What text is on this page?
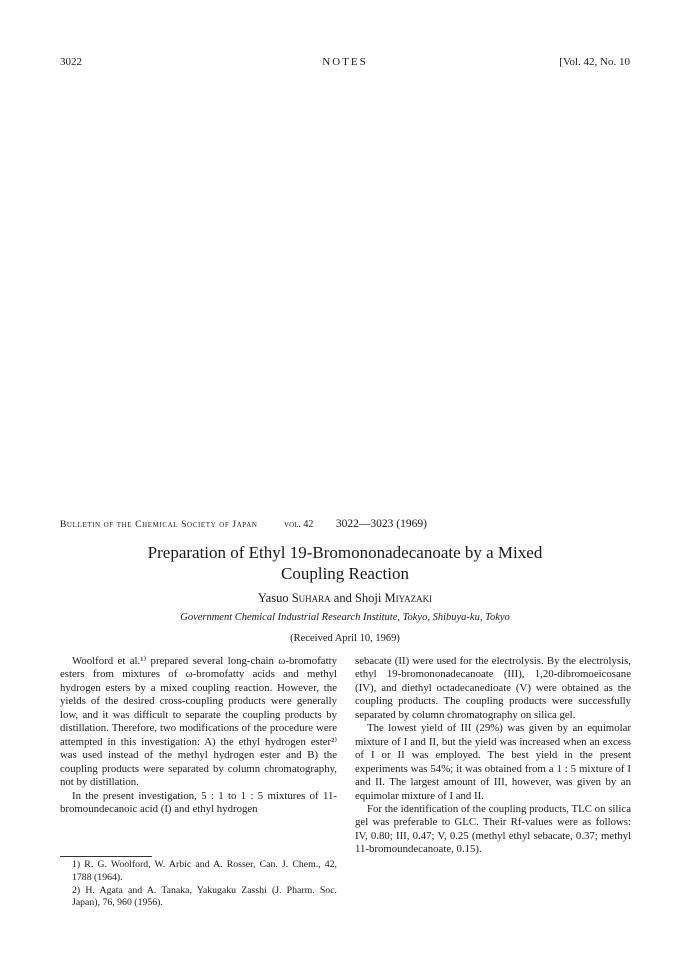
3022	NOTES	[Vol. 42, No. 10
Bulletin of the Chemical Society of Japan	vol. 42 3022—3023 (1969)
Preparation of Ethyl 19-Bromononadecanoate by a Mixed
Coupling Reaction
Yasuo Suhara and Shoji Miyazaki
Government Chemical Industrial Research Institute, Tokyo, Shibuya-ku, Tokyo
(Received April 10, 1969)

Woolford et al.¹⁾ prepared several long-chain ω-bromofatty esters from mixtures of ω-bromofatty acids and methyl hydrogen esters by a mixed coupling reaction. However, the yields of the desired cross-coupling products were generally low, and it was difficult to separate the coupling products by distillation. Therefore, two modifications of the procedure were attempted in this investigation: A) the ethyl hydrogen ester²⁾ was used instead of the methyl hydrogen ester and B) the coupling products were separated by column chromatography, not by distillation.

In the present investigation, 5 : 1 to 1 : 5 mixtures of 11-bromoundecanoic acid (I) and ethyl hydrogen

1) R. G. Woolford, W. Arbic and A. Rosser, Can. J. Chem., 42, 1788 (1964).

2) H. Agata and A. Tanaka, Yakugaku Zasshi (J. Pharm. Soc. Japan), 76, 960 (1956).

sebacate (II) were used for the electrolysis. By the electrolysis, ethyl 19-bromononadecanoate (III), 1,20-dibromoeicosane (IV), and diethyl octadecanedioate (V) were obtained as the coupling products. The coupling products were successfully separated by column chromatography on silica gel.

The lowest yield of III (29%) was given by an equimolar mixture of I and II, but the yield was increased when an excess of I or II was employed. The best yield in the present experiments was 54%; it was obtained from a 1 : 5 mixture of I and II. The largest amount of III, however, was given by an equimolar mixture of I and II.

For the identification of the coupling products, TLC on silica gel was preferable to GLC. Their Rf-values were as follows: IV, 0.80; III, 0.47; V, 0.25 (methyl ethyl sebacate, 0.37; methyl 11-bromoundecanoate, 0.15).
